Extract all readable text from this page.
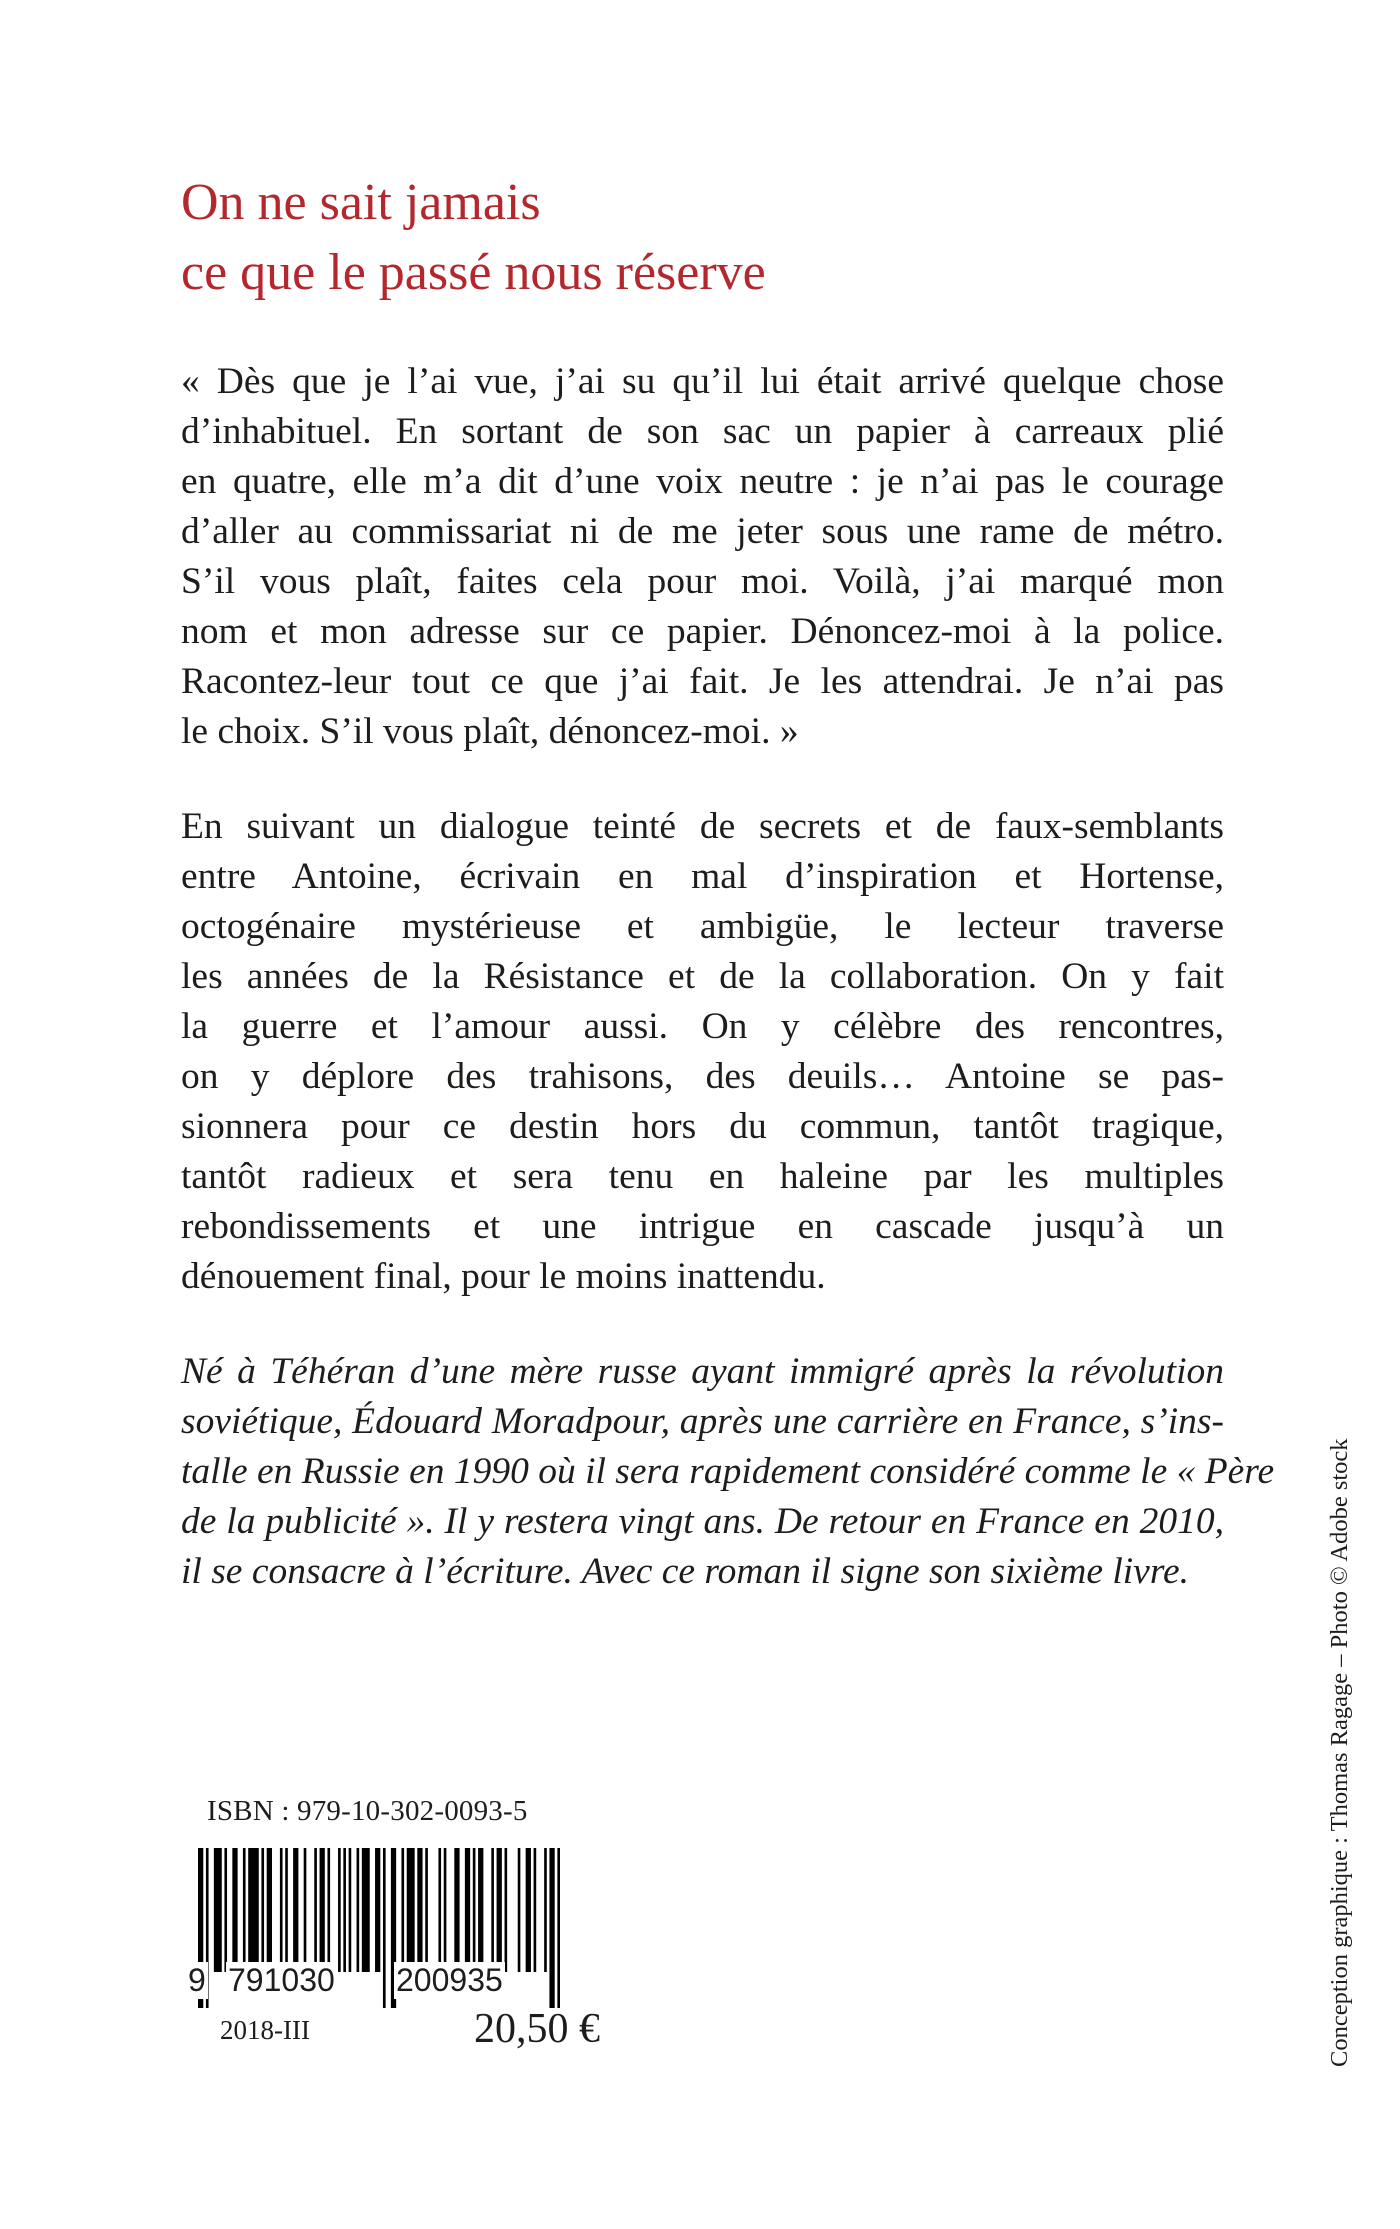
On ne sait jamais
ce que le passé nous réserve
« Dès que je l’ai vue, j’ai su qu’il lui était arrivé quelque chose
d’inhabituel. En sortant de son sac un papier à carreaux plié
en quatre, elle m’a dit d’une voix neutre : je n’ai pas le courage
d’aller au commissariat ni de me jeter sous une rame de métro.
S’il vous plaît, faites cela pour moi. Voilà, j’ai marqué mon
nom et mon adresse sur ce papier. Dénoncez-moi à la police.
Racontez-leur tout ce que j’ai fait. Je les attendrai. Je n’ai pas
le choix. S’il vous plaît, dénoncez-moi. »
En suivant un dialogue teinté de secrets et de faux-semblants
entre Antoine, écrivain en mal d’inspiration et Hortense,
octogénaire mystérieuse et ambigüe, le lecteur traverse
les années de la Résistance et de la collaboration. On y fait
la guerre et l’amour aussi. On y célèbre des rencontres,
on y déplore des trahisons, des deuils… Antoine se pas-
sionnera pour ce destin hors du commun, tantôt tragique,
tantôt radieux et sera tenu en haleine par les multiples
rebondissements et une intrigue en cascade jusqu’à un
dénouement final, pour le moins inattendu.
Né à Téhéran d’une mère russe ayant immigré après la révolution
soviétique, Édouard Moradpour, après une carrière en France, s’ins-
talle en Russie en 1990 où il sera rapidement considéré comme le « Père
de la publicité ». Il y restera vingt ans. De retour en France en 2010,
il se consacre à l’écriture. Avec ce roman il signe son sixième livre.
ISBN : 979-10-302-0093-5
9 791030 200935
2018-III	20,50 €	Conception graphique : Thomas Ragage – Photo © Adobe stock
